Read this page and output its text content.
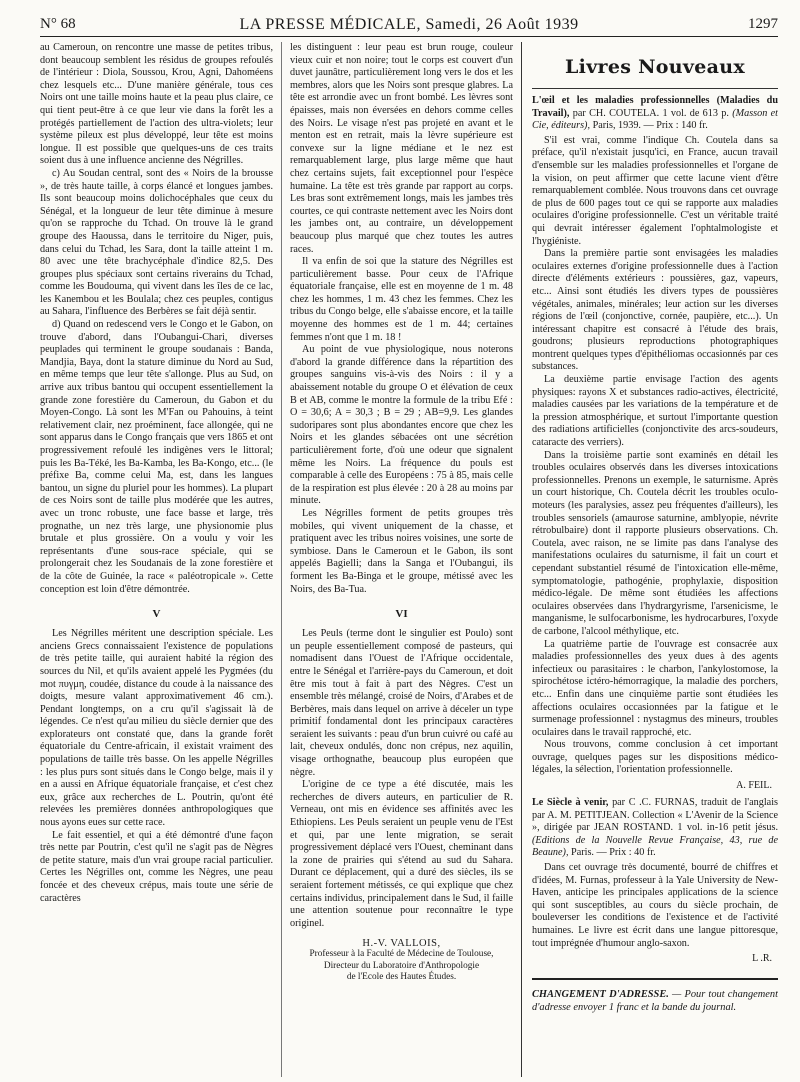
N° 68	LA PRESSE MÉDICALE, Samedi, 26 Août 1939	1297

au Cameroun, on rencontre une masse de petites tribus, dont beaucoup semblent les résidus de groupes refoulés de l'intérieur : Diola, Soussou, Krou, Agni, Dahoméens chez lesquels etc... D'une manière générale, tous ces Noirs ont une taille moins haute et la peau plus claire, ce qui tient peut-être à ce que leur vie dans la forêt les a protégés partiellement de l'action des ultra-violets; leur système pileux est plus développé, leur tête est moins longue. Il est possible que quelques-uns de ces traits soient dus à une influence ancienne des Négrilles.

c) Au Soudan central, sont des « Noirs de la brousse », de très haute taille, à corps élancé et longues jambes. Ils sont beaucoup moins dolichocéphales que ceux du Sénégal, et la longueur de leur tête diminue à mesure qu'on se rapproche du Tchad. On trouve là le grand groupe des Haoussa, dans le territoire du Niger, puis, dans celui du Tchad, les Sara, dont la taille atteint 1 m. 80 avec une tête brachycéphale d'indice 82,5. Des groupes plus spéciaux sont certains riverains du Tchad, comme les Boudouma, qui vivent dans les îles de ce lac, les Kanembou et les Boulala; chez ces peuples, contigus au Sahara, l'influence des Berbères se fait déjà sentir.

d) Quand on redescend vers le Congo et le Gabon, on trouve d'abord, dans l'Oubangui-Chari, diverses peuplades qui terminent le groupe soudanais : Banda, Mandjia, Baya, dont la stature diminue du Nord au Sud, en même temps que leur tête s'allonge. Plus au Sud, on arrive aux tribus bantou qui occupent essentiellement la grande zone forestière du Cameroun, du Gabon et du Moyen-Congo. Là sont les M'Fan ou Pahouins, à teint relativement clair, nez proéminent, face allongée, qui ne sont apparus dans le Congo français que vers 1865 et ont progressivement refoulé les indigènes vers le littoral; puis les Ba-Téké, les Ba-Kamba, les Ba-Kongo, etc... (le préfixe Ba, comme celui Ma, est, dans les langues bantou, un signe du pluriel pour les hommes). La plupart de ces Noirs sont de taille plus modérée que les autres, avec un tronc robuste, une face basse et large, très prognathe, un nez très large, une physionomie plus brutale et plus grossière. On a voulu y voir les représentants d'une sous-race spéciale, qui se prolongerait chez les Soudanais de la zone forestière et de la côte de Guinée, la race « paléotropicale ». Cette conception est loin d'être démontrée.

V

Les Négrilles méritent une description spéciale. Les anciens Grecs connaissaient l'existence de populations de très petite taille, qui auraient habité la région des sources du Nil, et qu'ils avaient appelé les Pygmées (du mot πυγμη, coudée, distance du coude à la naissance des doigts, mesure valant approximativement 46 cm.). Pendant longtemps, on a cru qu'il s'agissait là de légendes. Ce n'est qu'au milieu du siècle dernier que des explorateurs ont constaté que, dans la grande forêt équatoriale du Centre-africain, il existait vraiment des populations de taille très basse. On les appelle Négrilles : les plus purs sont situés dans le Congo belge, mais il y en a aussi en Afrique équatoriale française, et c'est chez eux, grâce aux recherches de L. Poutrin, qu'ont été relevées les premières données anthropologiques que nous ayons eues sur cette race.

Le fait essentiel, et qui a été démontré d'une façon très nette par Poutrin, c'est qu'il ne s'agit pas de Nègres de petite stature, mais d'un vrai groupe racial particulier. Certes les Négrilles ont, comme les Nègres, une peau foncée et des cheveux crépus, mais toute une série de caractères

les distinguent : leur peau est brun rouge, couleur vieux cuir et non noire; tout le corps est couvert d'un duvet jaunâtre, particulièrement long vers le dos et les membres, alors que les Noirs sont presque glabres. La tête est arrondie avec un front bombé. Les lèvres sont épaisses, mais non éversées en dehors comme celles des Noirs. Le visage n'est pas projeté en avant et le menton est en retrait, mais la lèvre supérieure est convexe sur la ligne médiane et le nez est remarquablement large, plus large même que haut chez certains sujets, fait exceptionnel pour l'espèce humaine. La tête est très grande par rapport au corps. Les bras sont extrêmement longs, mais les jambes très courtes, ce qui contraste nettement avec les Noirs dont les jambes ont, au contraire, un développement beaucoup plus marqué que chez toutes les autres races.

Il va enfin de soi que la stature des Négrilles est particulièrement basse. Pour ceux de l'Afrique équatoriale française, elle est en moyenne de 1 m. 48 chez les hommes, 1 m. 43 chez les femmes. Chez les tribus du Congo belge, elle s'abaisse encore, et la taille moyenne des hommes est de 1 m. 44; certaines femmes n'ont que 1 m. 18 !

Au point de vue physiologique, nous noterons d'abord la grande différence dans la répartition des groupes sanguins vis-à-vis des Noirs : il y a abaissement notable du groupe O et élévation de ceux B et AB, comme le montre la formule de la tribu Efé : O = 30,6; A = 30,3 ; B = 29 ; AB=9,9. Les glandes sudoripares sont plus abondantes encore que chez les Noirs et les glandes sébacées ont une sécrétion particulièrement forte, d'où une odeur que signalent même les Noirs. La fréquence du pouls est comparable à celle des Européens : 75 à 85, mais celle de la respiration est plus élevée : 20 à 28 au moins par minute.

Les Négrilles forment de petits groupes très mobiles, qui vivent uniquement de la chasse, et pratiquent avec les tribus noires voisines, une sorte de symbiose. Dans le Cameroun et le Gabon, ils sont appelés Bagielli; dans la Sanga et l'Oubangui, ils forment les Ba-Binga et le groupe, métissé avec les Noirs, des Ba-Tua.

VI

Les Peuls (terme dont le singulier est Poulo) sont un peuple essentiellement composé de pasteurs, qui nomadisent dans l'Ouest de l'Afrique occidentale, entre le Sénégal et l'arrière-pays du Cameroun, et doit être mis tout à fait à part des Nègres. C'est un ensemble très mélangé, croisé de Noirs, d'Arabes et de Berbères, mais dans lequel on arrive à déceler un type primitif fondamental dont les principaux caractères seraient les suivants : peau d'un brun cuivré ou café au lait, cheveux ondulés, donc non crépus, nez aquilin, visage orthognathe, beaucoup plus européen que nègre.

L'origine de ce type a été discutée, mais les recherches de divers auteurs, en particulier de R. Verneau, ont mis en évidence ses affinités avec les Ethiopiens. Les Peuls seraient un peuple venu de l'Est et qui, par une lente migration, se serait progressivement déplacé vers l'Ouest, cheminant dans la zone de prairies qui s'étend au sud du Sahara. Durant ce déplacement, qui a duré des siècles, ils se seraient fortement métissés, ce qui explique que chez certains individus, principalement dans le Sud, il faille une attention soutenue pour reconnaître le type originel.

H.-V. VALLOIS,
Professeur à la Faculté de Médecine de Toulouse,
Directeur du Laboratoire d'Anthropologie
de l'Ecole des Hautes Études.
Livres Nouveaux
L'œil et les maladies professionnelles (Maladies du Travail), par CH. COUTELA. 1 vol. de 613 p. (Masson et Cie, éditeurs), Paris, 1939. — Prix : 140 fr.

S'il est vrai, comme l'indique Ch. Coutela dans sa préface, qu'il n'existait jusqu'ici, en France, aucun travail d'ensemble sur les maladies professionnelles et l'organe de la vision, on peut affirmer que cette lacune vient d'être remarquablement comblée. Nous trouvons dans cet ouvrage de plus de 600 pages tout ce qui se rapporte aux maladies oculaires d'origine professionnelle. C'est un véritable traité qui devrait intéresser également l'ophtalmologiste et l'hygiéniste.

Dans la première partie sont envisagées les maladies oculaires externes d'origine professionnelle dues à l'action directe d'éléments extérieurs : poussières, gaz, vapeurs, etc... Ainsi sont étudiés les divers types de poussières végétales, animales, minérales; leur action sur les diverses régions de l'œil (conjonctive, cornée, paupière, etc...). Un intéressant chapitre est consacré à l'étude des brais, goudrons; plusieurs reproductions photographiques montrent quelques types d'épithéliomas occasionnés par ces substances.

La deuxième partie envisage l'action des agents physiques: rayons X et substances radio-actives, électricité, maladies causées par les variations de la température et de la pression atmosphérique, et surtout l'importante question des radiations artificielles (conjonctivite des arcs-soudeurs, cataracte des verriers).

Dans la troisième partie sont examinés en détail les troubles oculaires observés dans les diverses intoxications professionnelles. Prenons un exemple, le saturnisme. Après un court historique, Ch. Coutela décrit les troubles oculo-moteurs (les paralysies, assez peu fréquentes d'ailleurs), les troubles sensoriels (amaurose saturnine, amblyopie, névrite rétrobulbaire) dont il rapporte plusieurs observations. Ch. Coutela, avec raison, ne se limite pas dans l'analyse des manifestations oculaires du saturnisme, il fait un court et cependant substantiel résumé de l'intoxication elle-même, symptomatologie, pathogénie, prophylaxie, disposition médico-légale. De même sont étudiées les affections oculaires observées dans l'hydrargyrisme, l'arsenicisme, le manganisme, le sulfocarbonisme, les hydrocarbures, l'oxyde de carbone, l'alcool méthylique, etc.

La quatrième partie de l'ouvrage est consacrée aux maladies professionnelles des yeux dues à des agents infectieux ou parasitaires : le charbon, l'ankylostomose, la spirochétose ictéro-hémorragique, la maladie des porchers, etc... Enfin dans une cinquième partie sont étudiées les affections oculaires occasionnées par la fatigue et le surmenage professionnel : nystagmus des mineurs, troubles oculaires dans le travail rapproché, etc.

Nous trouvons, comme conclusion à cet important ouvrage, quelques pages sur les dispositions médico-légales, la sélection, l'orientation professionnelle.

A. FEIL.
Le Siècle à venir, par C .C. FURNAS, traduit de l'anglais par A. M. PETITJEAN. Collection « L'Avenir de la Science », dirigée par JEAN ROSTAND. 1 vol. in-16 petit jésus. (Editions de la Nouvelle Revue Française, 43, rue de Beaune), Paris. — Prix : 40 fr.

Dans cet ouvrage très documenté, bourré de chiffres et d'idées, M. Furnas, professeur à la Yale University de New-Haven, anticipe les principales applications de la science qui sont susceptibles, au cours du siècle prochain, de bouleverser les conditions de l'existence et de l'activité humaines. Le livre est écrit dans une langue pittoresque, tout imprégnée d'humour anglo-saxon.

L .R.

CHANGEMENT D'ADRESSE. — Pour tout changement d'adresse envoyer 1 franc et la bande du journal.
